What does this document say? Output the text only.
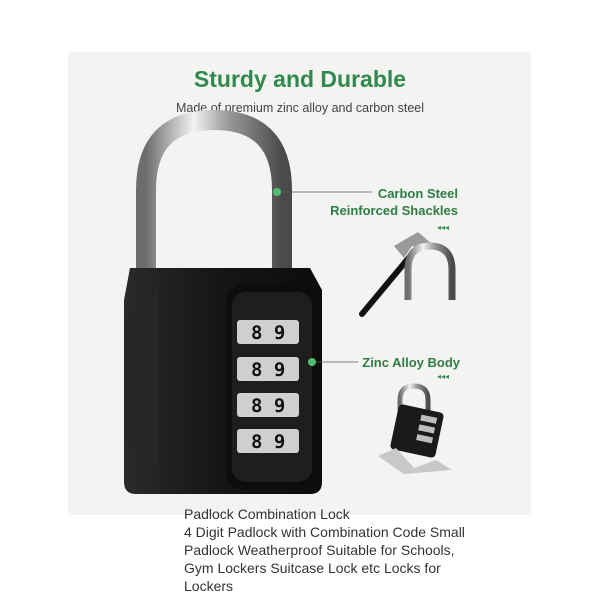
Sturdy and Durable
Made of premium zinc alloy and carbon steel
8 9
8 9
8 9
8 9
◂◂◂
◂◂◂
Carbon Steel
Reinforced Shackles
Zinc Alloy Body
Padlock Combination Lock
4 Digit Padlock with Combination Code Small
Padlock Weatherproof Suitable for Schools,
Gym Lockers Suitcase Lock etc Locks for
Lockers
